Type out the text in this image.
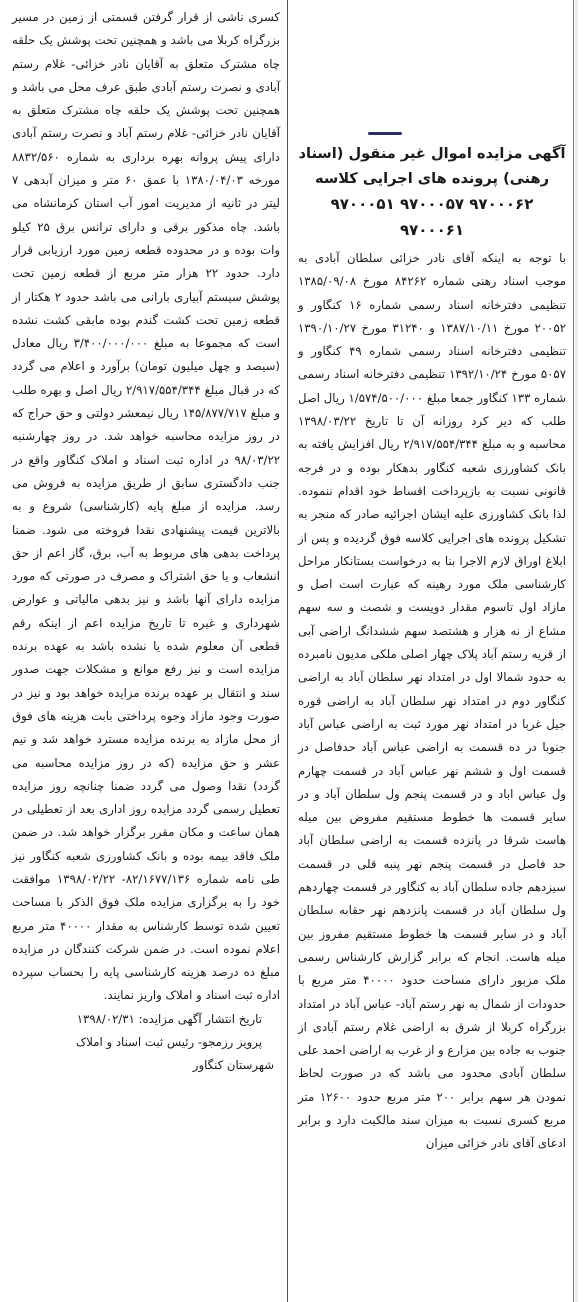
آگهی مزایده اموال غیر منقول (اسناد رهنی) پرونده های اجرایی کلاسه

۹۷۰۰۰۶۲ ۹۷۰۰۰۵۷ ۹۷۰۰۰۵۱ ۹۷۰۰۰۶۱

با توجه به اینکه آقای نادر خزائی سلطان آبادی به موجب اسناد رهنی شماره ۸۴۲۶۲ مورخ ۱۳۸۵/۰۹/۰۸ تنظیمی دفترخانه اسناد رسمی شماره ۱۶ کنگاور و ۲۰۰۵۲ مورخ ۱۳۸۷/۱۰/۱۱ و ۳۱۲۴۰ مورخ ۱۳۹۰/۱۰/۲۷ تنظیمی دفترخانه اسناد رسمی شماره ۴۹ کنگاور و ۵۰۵۷ مورخ ۱۳۹۲/۱۰/۲۴ تنظیمی دفترخانه اسناد رسمی شماره ۱۳۳ کنگاور جمعا مبلغ ۱/۵۷۴/۵۰۰/۰۰۰ ریال اصل طلب که دیر کرد روزانه آن تا تاریخ ۱۳۹۸/۰۳/۲۲ محاسبه و به مبلغ ۲/۹۱۷/۵۵۴/۳۴۴ ریال افزایش یافته به بانک کشاورزی شعبه کنگاور بدهکار بوده و در فرجه قانونی نسبت به بازپرداخت اقساط خود اقدام ننموده. لذا بانک کشاورزی علیه ایشان اجرائیه صادر که منجر به تشکیل پرونده های اجرایی کلاسه فوق گردیده و پس از ابلاغ اوراق لازم الاجرا بنا به درخواست بستانکار مراحل کارشناسی ملک مورد رهینه که عبارت است اصل و مازاد اول تاسوم مقدار دویست و شصت و سه سهم مشاع از نه هزار و هشتصد سهم ششدانگ اراضی آبی از قریه رستم آباد پلاک چهار اصلی ملکی مدیون نامبرده به حدود شمالا اول در امتداد نهر سلطان آباد به اراضی کنگاور دوم در امتداد نهر سلطان آباد به اراضی قوره جیل غربا در امتداد نهر مورد ثبت به اراضی عباس آباد جنوبا در ده قسمت به اراضی عباس آباد حدفاصل در قسمت اول و ششم نهر عباس آباد در قسمت چهارم ول عباس اباد و در قسمت پنجم ول سلطان آباد و در سایر قسمت ها خطوط مستقیم مفروض بین میله هاست شرقا در پانزده قسمت به اراضی سلطان آباد حد فاصل در قسمت پنجم نهر پنبه قلی در قسمت سیزدهم جاده سلطان آباد به کنگاور در قسمت چهاردهم ول سلطان آباد در قسمت پانزدهم نهر حقابه سلطان آباد و در سایر قسمت ها خطوط مستقیم مفروز بین میله هاست. انجام که برابر گزارش کارشناس رسمی ملک مزبور دارای مساحت حدود ۴۰۰۰۰ متر مربع با حدودات از شمال به نهر رستم آباد- عباس آباد در امتداد بزرگراه کربلا از شرق به اراضی غلام رستم آبادی از جنوب به جاده بین مزارع و از غرب به اراضی احمد علی سلطان آبادی محدود می باشد که در صورت لحاظ نمودن هر سهم برابر ۲۰۰ متر مربع حدود ۱۲۶۰۰ متر مربع کسری نسبت به میزان سند مالکیت دارد و برابر ادعای آقای نادر خزائی میزان

کسری ناشی از قرار گرفتن قسمتی از زمین در مسیر بزرگراه کربلا می باشد و همچنین تحت پوشش یک حلقه چاه مشترک متعلق به آقایان نادر خزائی- غلام رستم آبادی و نصرت رستم آبادی طبق عرف محل می باشد و همچنین تحت پوشش یک حلقه چاه مشترک متعلق به آقایان نادر خزائی- غلام رستم آباد و نصرت رستم آبادی دارای پیش پروانه بهره برداری به شماره ۸۸۳۲/۵۶۰ مورخه ۱۳۸۰/۰۴/۰۳ با عمق ۶۰ متر و میزان آبدهی ۷ لیتر در ثانیه از مدیریت امور آب استان کرمانشاه می باشد. چاه مذکور برقی و دارای ترانس برق ۲۵ کیلو وات بوده و در محدوده قطعه زمین مورد ارزیابی قرار دارد. حدود ۲۲ هزار متر مربع از قطعه زمین تحت پوشش سیستم آبیاری بارانی می باشد حدود ۲ هکتار از قطعه زمین تحت کشت گندم بوده مابقی کشت نشده است که مجموعا به مبلغ ۳/۴۰۰/۰۰۰/۰۰۰ ریال معادل (سیصد و چهل میلیون تومان) برآورد و اعلام می گردد که در قبال مبلغ ۲/۹۱۷/۵۵۴/۳۴۴ ریال اصل و بهره طلب و مبلغ ۱۴۵/۸۷۷/۷۱۷ ریال نیمعشر دولتی و حق حراج که در روز مزایده محاسبه خواهد شد. در روز چهارشنبه ۹۸/۰۳/۲۲ در اداره ثبت اسناد و املاک کنگاور واقع در جنب دادگستری سابق از طریق مزایده به فروش می رسد. مزایده از مبلغ پایه (کارشناسی) شروع و به بالاترین قیمت پیشنهادی نقدا فروخته می شود. ضمنا پرداخت بدهی های مربوط به آب، برق، گاز اعم از حق انشعاب و یا حق اشتراک و مصرف در صورتی که مورد مزایده دارای آنها باشد و نیز بدهی مالیاتی و عوارض شهرداری و غیره تا تاریخ مزایده اعم از اینکه رقم قطعی آن معلوم شده یا نشده باشد به عهده برنده مزایده است و نیز رفع موانع و مشکلات جهت صدور سند و انتقال بر عهده برنده مزایده خواهد بود و نیز در صورت وجود مازاد وجوه پرداختی بابت هزینه های فوق از محل مازاد به برنده مزایده مسترد خواهد شد و نیم عشر و حق مزایده (که در روز مزایده محاسبه می گردد) نقدا وصول می گردد ضمنا چنانچه روز مزایده تعطیل رسمی گردد مزایده روز اداری بعد از تعطیلی در همان ساعت و مکان مقرر برگزار خواهد شد. در ضمن ملک فاقد بیمه بوده و بانک کشاورزی شعبه کنگاور نیز طی نامه شماره ۸۲/۱۶۷۷/۱۳۶- ۱۳۹۸/۰۲/۲۲ موافقت خود را به برگزاری مزایده ملک فوق الذکر با مساحت تعیین شده توسط کارشناس به مقدار ۴۰۰۰۰ متر مربع اعلام نموده است. در ضمن شرکت کنندگان در مزایده مبلغ ده درصد هزینه کارشناسی پایه را بحساب سپرده اداره ثبت اسناد و املاک واریز نمایند.

تاریخ انتشار آگهی مزایده: ۱۳۹۸/۰۲/۳۱

پرویز رزمجو- رئیس ثبت اسناد و املاک

شهرستان کنگاور
